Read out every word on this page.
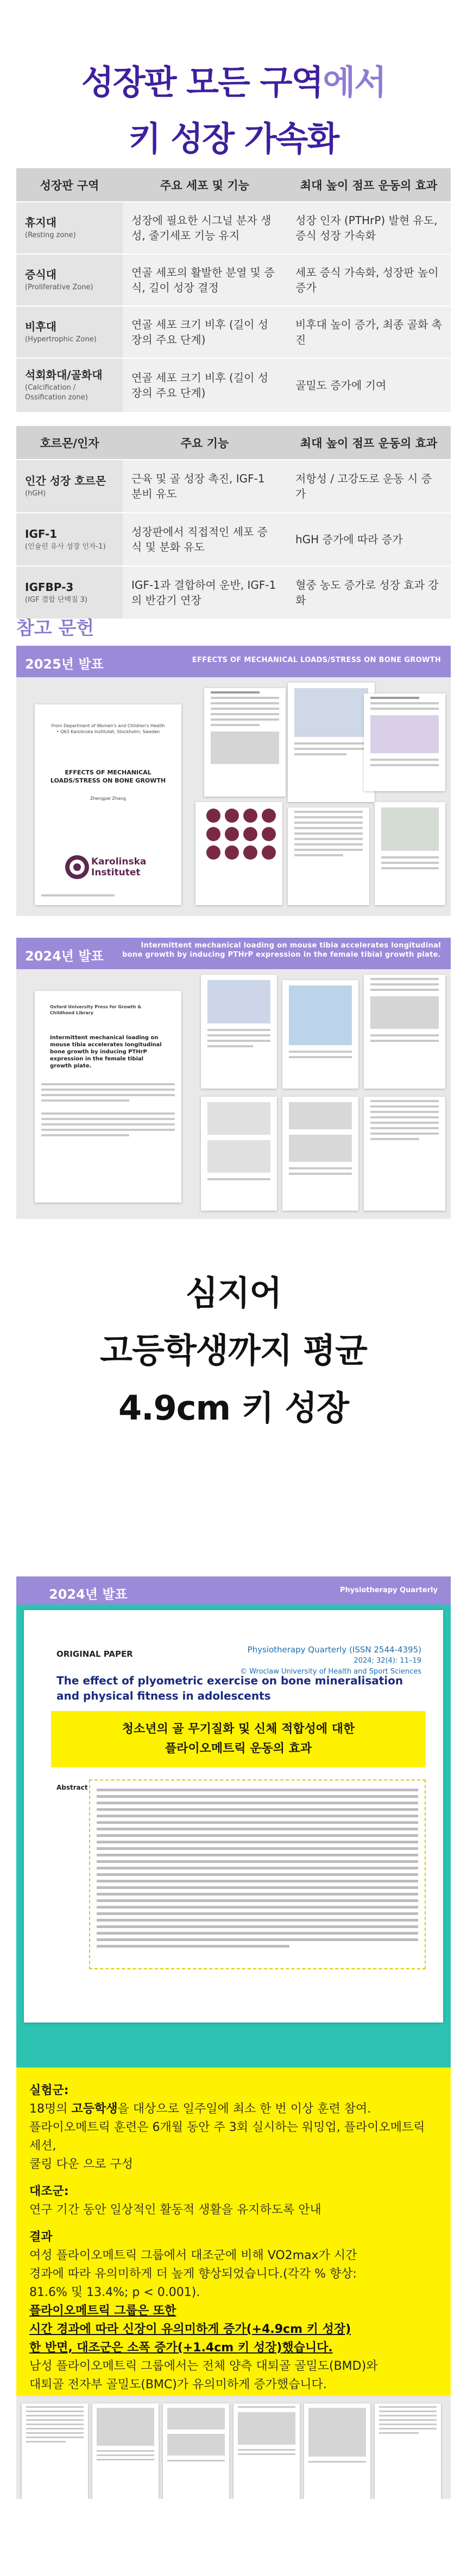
성장판 모든 구역에서
키 성장 가속화
성장판 구역	주요 세포 및 기능	최대 높이 점프 운동의 효과
휴지대
(Resting zone)	성장에 필요한 시그널 분자 생성, 줄기세포 기능 유지	성장 인자 (PTHrP) 발현 유도, 증식 성장 가속화
증식대
(Proliferative Zone)	연골 세포의 활발한 분열 및 증식, 길이 성장 결정	세포 증식 가속화, 성장판 높이 증가
비후대
(Hypertrophic Zone)	연골 세포 크기 비후 (길이 성장의 주요 단계)	비후대 높이 증가, 최종 골화 촉진
석회화대/골화대
(Calcification / Ossification zone)	연골 세포 크기 비후 (길이 성장의 주요 단계)	골밀도 증가에 기여
호르몬/인자	주요 기능	최대 높이 점프 운동의 효과
인간 성장 호르몬
(hGH)	근육 및 골 성장 촉진, IGF-1 분비 유도	저항성 / 고강도로 운동 시 증가
IGF-1
(인슐린 유사 성장 인자-1)	성장판에서 직접적인 세포 증식 및 분화 유도	hGH 증가에 따라 증가
IGFBP-3
(IGF 결합 단백질 3)	IGF-1과 결합하여 운반, IGF-1의 반감기 연장	혈중 농도 증가로 성장 효과 강화
참고 문헌
2025년 발표	EFFECTS OF MECHANICAL LOADS/STRESS ON BONE GROWTH
From Department of Women's and Children's Health • Q63 Karolinska Institutet, Stockholm, Sweden
EFFECTS OF MECHANICAL LOADS/STRESS ON BONE GROWTH
Zhengpei Zhang
Karolinska
Institutet
2024년 발표
Intermittent mechanical loading on mouse tibia accelerates longitudinal
bone growth by inducing PTHrP expression in the female tibial growth plate.
Oxford University Press for Growth & Childhood Library
Intermittent mechanical loading on mouse tibia accelerates longitudinal bone growth by inducing PTHrP expression in the female tibial growth plate.
심지어
고등학생까지 평균
4.9cm 키 성장
2024년 발표	Physiotherapy Quarterly
ORIGINAL PAPER	Physiotherapy Quarterly (ISSN 2544-4395)
2024; 32(4): 11–19
© Wroclaw University of Health and Sport Sciences
The effect of plyometric exercise on bone mineralisation and physical fitness in adolescents

청소년의 골 무기질화 및 신체 적합성에 대한

플라이오메트릭 운동의 효과

Abstract

실험군:

18명의 고등학생을 대상으로 일주일에 최소 한 번 이상 훈련 참여.

플라이오메트릭 훈련은 6개월 동안 주 3회 실시하는 워밍업, 플라이오메트릭 세션,

쿨링 다운 으로 구성

대조군:

연구 기간 동안 일상적인 활동적 생활을 유지하도록 안내

결과

여성 플라이오메트릭 그룹에서 대조군에 비해 VO2max가 시간

경과에 따라 유의미하게 더 높게 향상되었습니다.(각각 % 향상:

81.6% 및 13.4%; p < 0.001).

플라이오메트릭 그룹은 또한

시간 경과에 따라 신장이 유의미하게 증가(+4.9cm 키 성장)

한 반면, 대조군은 소폭 증가(+1.4cm 키 성장)했습니다.

남성 플라이오메트릭 그룹에서는 전체 양측 대퇴골 골밀도(BMD)와

대퇴골 전자부 골밀도(BMC)가 유의미하게 증가했습니다.
